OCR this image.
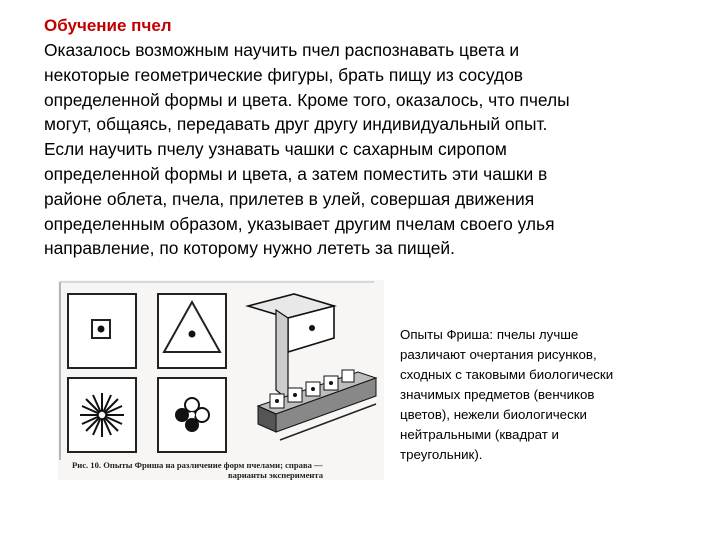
Обучение пчел
Оказалось возможным научить пчел распознавать цвета и
некоторые геометрические фигуры, брать пищу из сосудов
определенной формы и цвета. Кроме того, оказалось, что пчелы
могут, общаясь, передавать друг другу индивидуальный опыт.
Если научить пчелу узнавать чашки с сахарным сиропом
определенной формы и цвета, а затем поместить эти чашки в
районе облета, пчела, прилетев в улей, совершая движения
определенным образом, указывает другим пчелам своего улья
направление, по которому нужно лететь за пищей.
Рис. 10. Опыты Фриша на различение форм пчелами; справа —
варианты эксперимента
Опыты Фриша: пчелы лучше
различают очертания рисунков,
сходных с таковыми биологически
значимых предметов (венчиков
цветов), нежели биологически
нейтральными (квадрат и
треугольник).
